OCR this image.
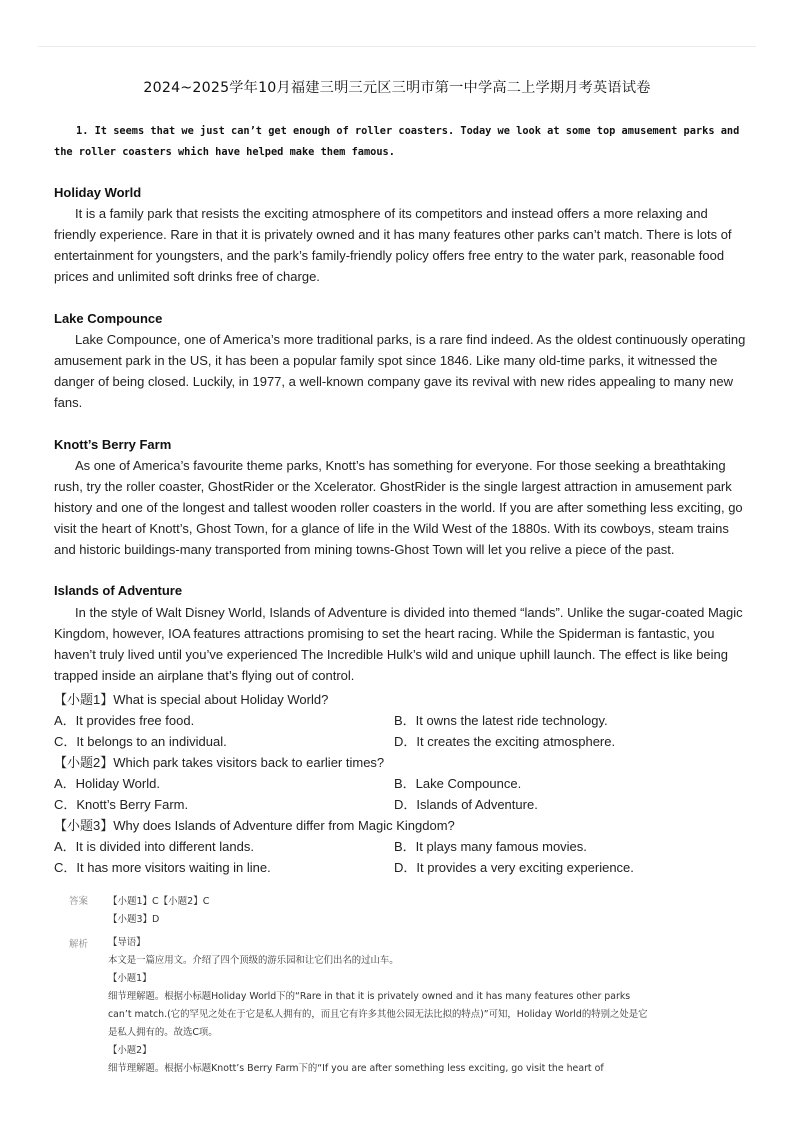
2024~2025学年10月福建三明三元区三明市第一中学高二上学期月考英语试卷
1. It seems that we just can’t get enough of roller coasters. Today we look at some top amusement parks and the roller coasters which have helped make them famous.
Holiday World
It is a family park that resists the exciting atmosphere of its competitors and instead offers a more relaxing and friendly experience. Rare in that it is privately owned and it has many features other parks can’t match. There is lots of entertainment for youngsters, and the park’s family-friendly policy offers free entry to the water park, reasonable food prices and unlimited soft drinks free of charge.
Lake Compounce
Lake Compounce, one of America’s more traditional parks, is a rare find indeed. As the oldest continuously operating amusement park in the US, it has been a popular family spot since 1846. Like many old-time parks, it witnessed the danger of being closed. Luckily, in 1977, a well-known company gave its revival with new rides appealing to many new fans.
Knott’s Berry Farm
As one of America’s favourite theme parks, Knott’s has something for everyone. For those seeking a breathtaking rush, try the roller coaster, GhostRider or the Xcelerator. GhostRider is the single largest attraction in amusement park history and one of the longest and tallest wooden roller coasters in the world. If you are after something less exciting, go visit the heart of Knott’s, Ghost Town, for a glance of life in the Wild West of the 1880s. With its cowboys, steam trains and historic buildings-many transported from mining towns-Ghost Town will let you relive a piece of the past.
Islands of Adventure
In the style of Walt Disney World, Islands of Adventure is divided into themed “lands”. Unlike the sugar-coated Magic Kingdom, however, IOA features attractions promising to set the heart racing. While the Spiderman is fantastic, you haven’t truly lived until you’ve experienced The Incredible Hulk’s wild and unique uphill launch. The effect is like being trapped inside an airplane that’s flying out of control.
【小题1】What is special about Holiday World?
A．It provides free food.	B．It owns the latest ride technology.
C．It belongs to an individual.	D．It creates the exciting atmosphere.
【小题2】Which park takes visitors back to earlier times?
A．Holiday World.	B．Lake Compounce.
C．Knott’s Berry Farm.	D．Islands of Adventure.
【小题3】Why does Islands of Adventure differ from Magic Kingdom?
A．It is divided into different lands.	B．It plays many famous movies.
C．It has more visitors waiting in line.	D．It provides a very exciting experience.
答案 【小题1】C【小题2】C
【小题3】D
解析 【导语】
本文是一篇应用文。介绍了四个顶级的游乐园和让它们出名的过山车。
【小题1】
细节理解题。根据小标题Holiday World下的“Rare in that it is privately owned and it has many features other parks
can’t match.(它的罕见之处在于它是私人拥有的，而且它有许多其他公园无法比拟的特点)”可知，Holiday World的特别之处是它
是私人拥有的。故选C项。
【小题2】
细节理解题。根据小标题Knott’s Berry Farm下的“If you are after something less exciting, go visit the heart of
